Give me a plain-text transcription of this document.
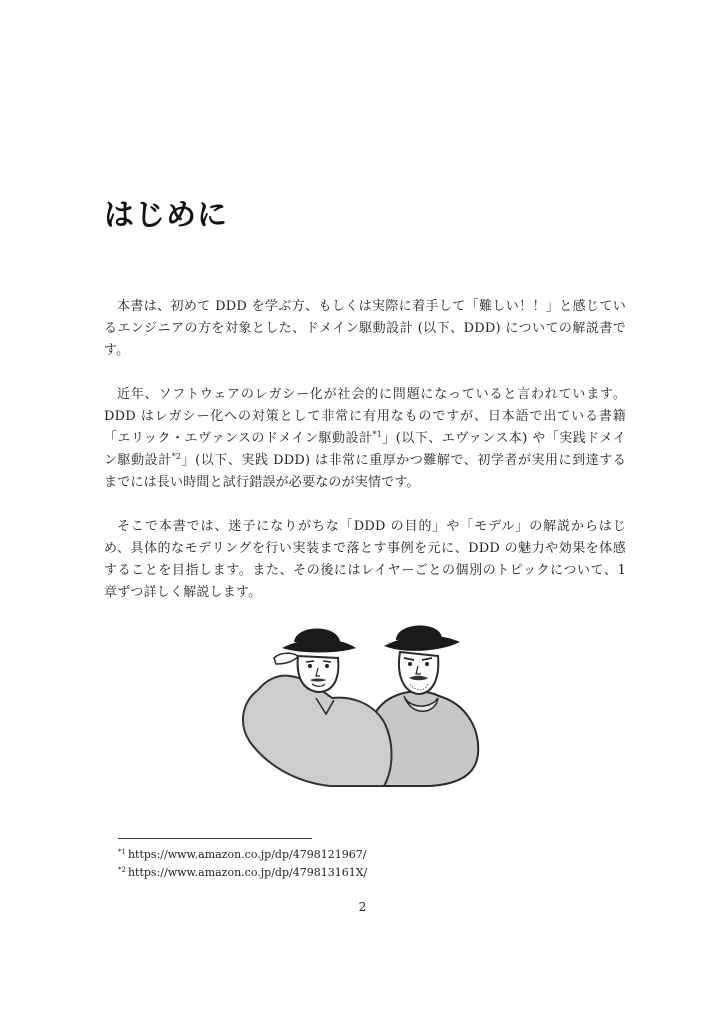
はじめに

本書は、初めて DDD を学ぶ方、もしくは実際に着手して「難しい！！」と感じているエンジニアの方を対象とした、ドメイン駆動設計 (以下、DDD) についての解説書です。

近年、ソフトウェアのレガシー化が社会的に問題になっていると言われています。DDD はレガシー化への対策として非常に有用なものですが、日本語で出ている書籍「エリック・エヴァンスのドメイン駆動設計$^{*1}$」(以下、エヴァンス本) や「実践ドメイン駆動設計$^{*2}$」(以下、実践 DDD) は非常に重厚かつ難解で、初学者が実用に到達するまでには長い時間と試行錯誤が必要なのが実情です。

そこで本書では、迷子になりがちな「DDD の目的」や「モデル」の解説からはじめ、具体的なモデリングを行い実装まで落とす事例を元に、DDD の魅力や効果を体感することを目指します。また、その後にはレイヤーごとの個別のトピックについて、1 章ずつ詳しく解説します。

$^{*1}$ https://www.amazon.co.jp/dp/4798121967/
$^{*2}$ https://www.amazon.co.jp/dp/479813161X/
2
